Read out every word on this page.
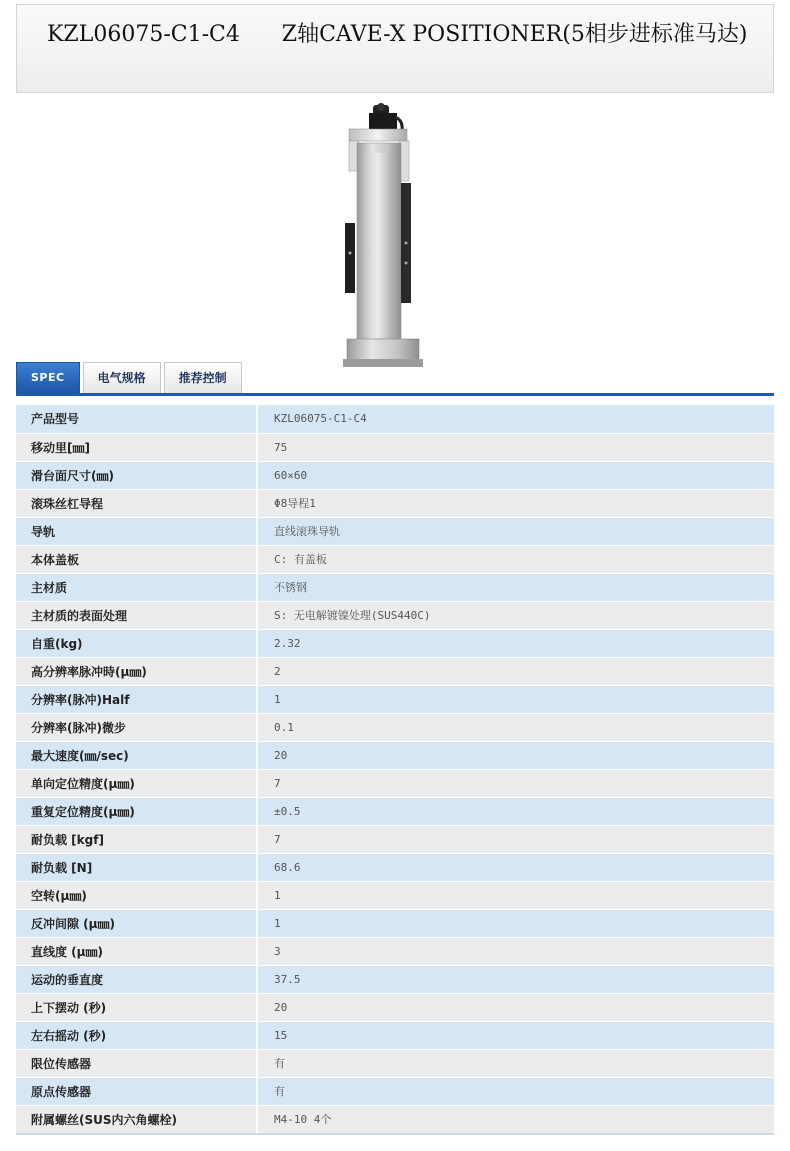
KZL06075-C1-C4      Z轴CAVE-X POSITIONER(5相步进标准马达)
SPEC	电气规格	推荐控制
产品型号	KZL06075-C1-C4
移动里[㎜]	75
滑台面尺寸(㎜)	60×60
滚珠丝杠导程	Φ8导程1
导轨	直线滚珠导轨
本体盖板	C: 有盖板
主材质	不锈钢
主材质的表面处理	S: 无电解镀镍处理(SUS440C)
自重(kg)	2.32
高分辨率脉冲時(μ㎜)	2
分辨率(脉冲)Half	1
分辨率(脉冲)微步	0.1
最大速度(㎜/sec)	20
单向定位精度(μ㎜)	7
重复定位精度(μ㎜)	±0.5
耐负载 [kgf]	7
耐负载 [N]	68.6
空转(μ㎜)	1
反冲间隙 (μ㎜)	1
直线度 (μ㎜)	3
运动的垂直度	37.5
上下摆动 (秒)	20
左右摇动 (秒)	15
限位传感器	有
原点传感器	有
附属螺丝(SUS内六角螺栓)	M4-10 4个
